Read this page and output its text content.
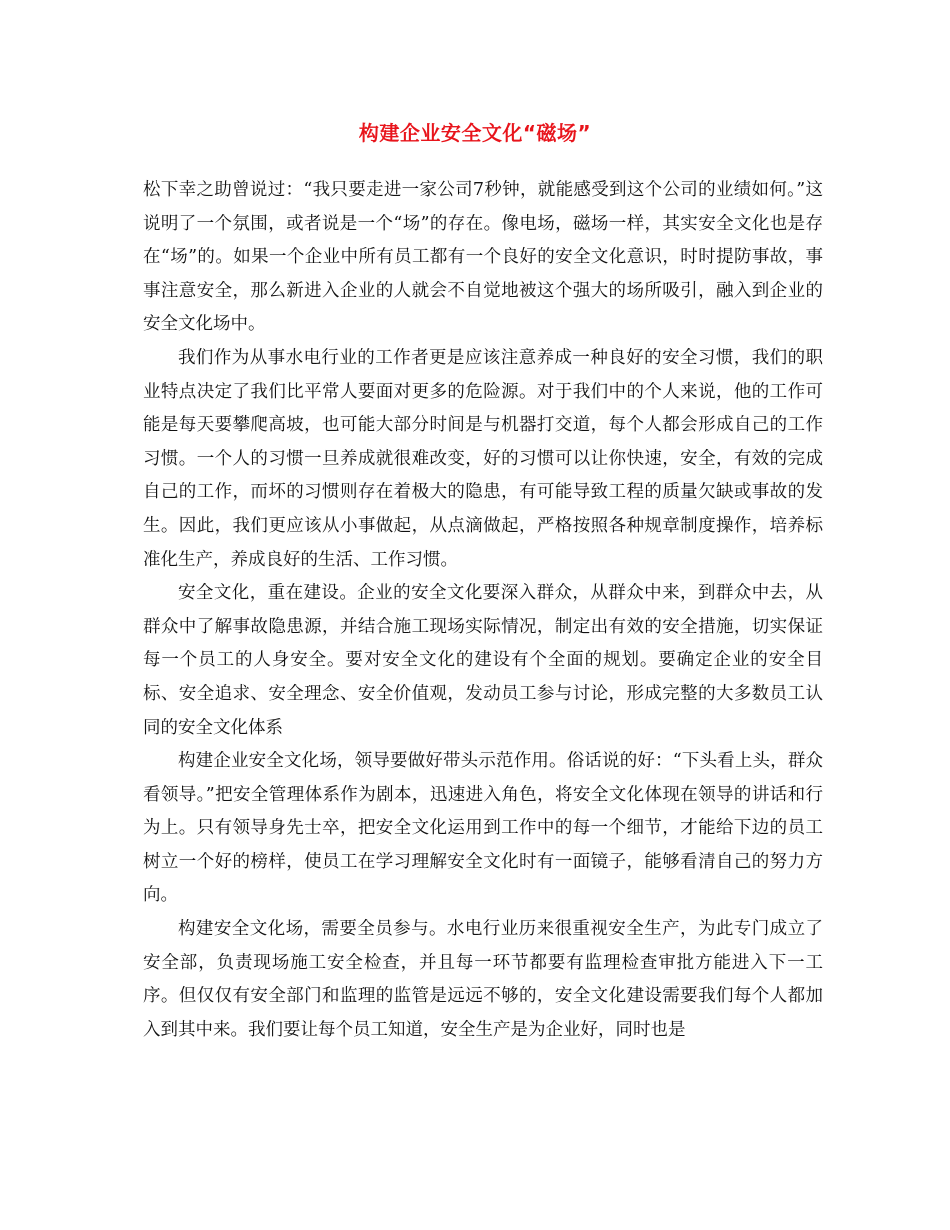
构建企业安全文化“磁场”

松下幸之助曾说过：“我只要走进一家公司7秒钟，就能感受到这个公司的业绩如何。”这说明了一个氛围，或者说是一个“场”的存在。像电场，磁场一样，其实安全文化也是存在“场”的。如果一个企业中所有员工都有一个良好的安全文化意识，时时提防事故，事事注意安全，那么新进入企业的人就会不自觉地被这个强大的场所吸引，融入到企业的安全文化场中。

我们作为从事水电行业的工作者更是应该注意养成一种良好的安全习惯，我们的职业特点决定了我们比平常人要面对更多的危险源。对于我们中的个人来说，他的工作可能是每天要攀爬高坡，也可能大部分时间是与机器打交道，每个人都会形成自己的工作习惯。一个人的习惯一旦养成就很难改变，好的习惯可以让你快速，安全，有效的完成自己的工作，而坏的习惯则存在着极大的隐患，有可能导致工程的质量欠缺或事故的发生。因此，我们更应该从小事做起，从点滴做起，严格按照各种规章制度操作，培养标准化生产，养成良好的生活、工作习惯。

安全文化，重在建设。企业的安全文化要深入群众，从群众中来，到群众中去，从群众中了解事故隐患源，并结合施工现场实际情况，制定出有效的安全措施，切实保证每一个员工的人身安全。要对安全文化的建设有个全面的规划。要确定企业的安全目标、安全追求、安全理念、安全价值观，发动员工参与讨论，形成完整的大多数员工认同的安全文化体系

构建企业安全文化场，领导要做好带头示范作用。俗话说的好：“下头看上头，群众看领导。”把安全管理体系作为剧本，迅速进入角色，将安全文化体现在领导的讲话和行为上。只有领导身先士卒，把安全文化运用到工作中的每一个细节，才能给下边的员工树立一个好的榜样，使员工在学习理解安全文化时有一面镜子，能够看清自己的努力方向。

构建安全文化场，需要全员参与。水电行业历来很重视安全生产，为此专门成立了安全部，负责现场施工安全检查，并且每一环节都要有监理检查审批方能进入下一工序。但仅仅有安全部门和监理的监管是远远不够的，安全文化建设需要我们每个人都加入到其中来。我们要让每个员工知道，安全生产是为企业好，同时也是
